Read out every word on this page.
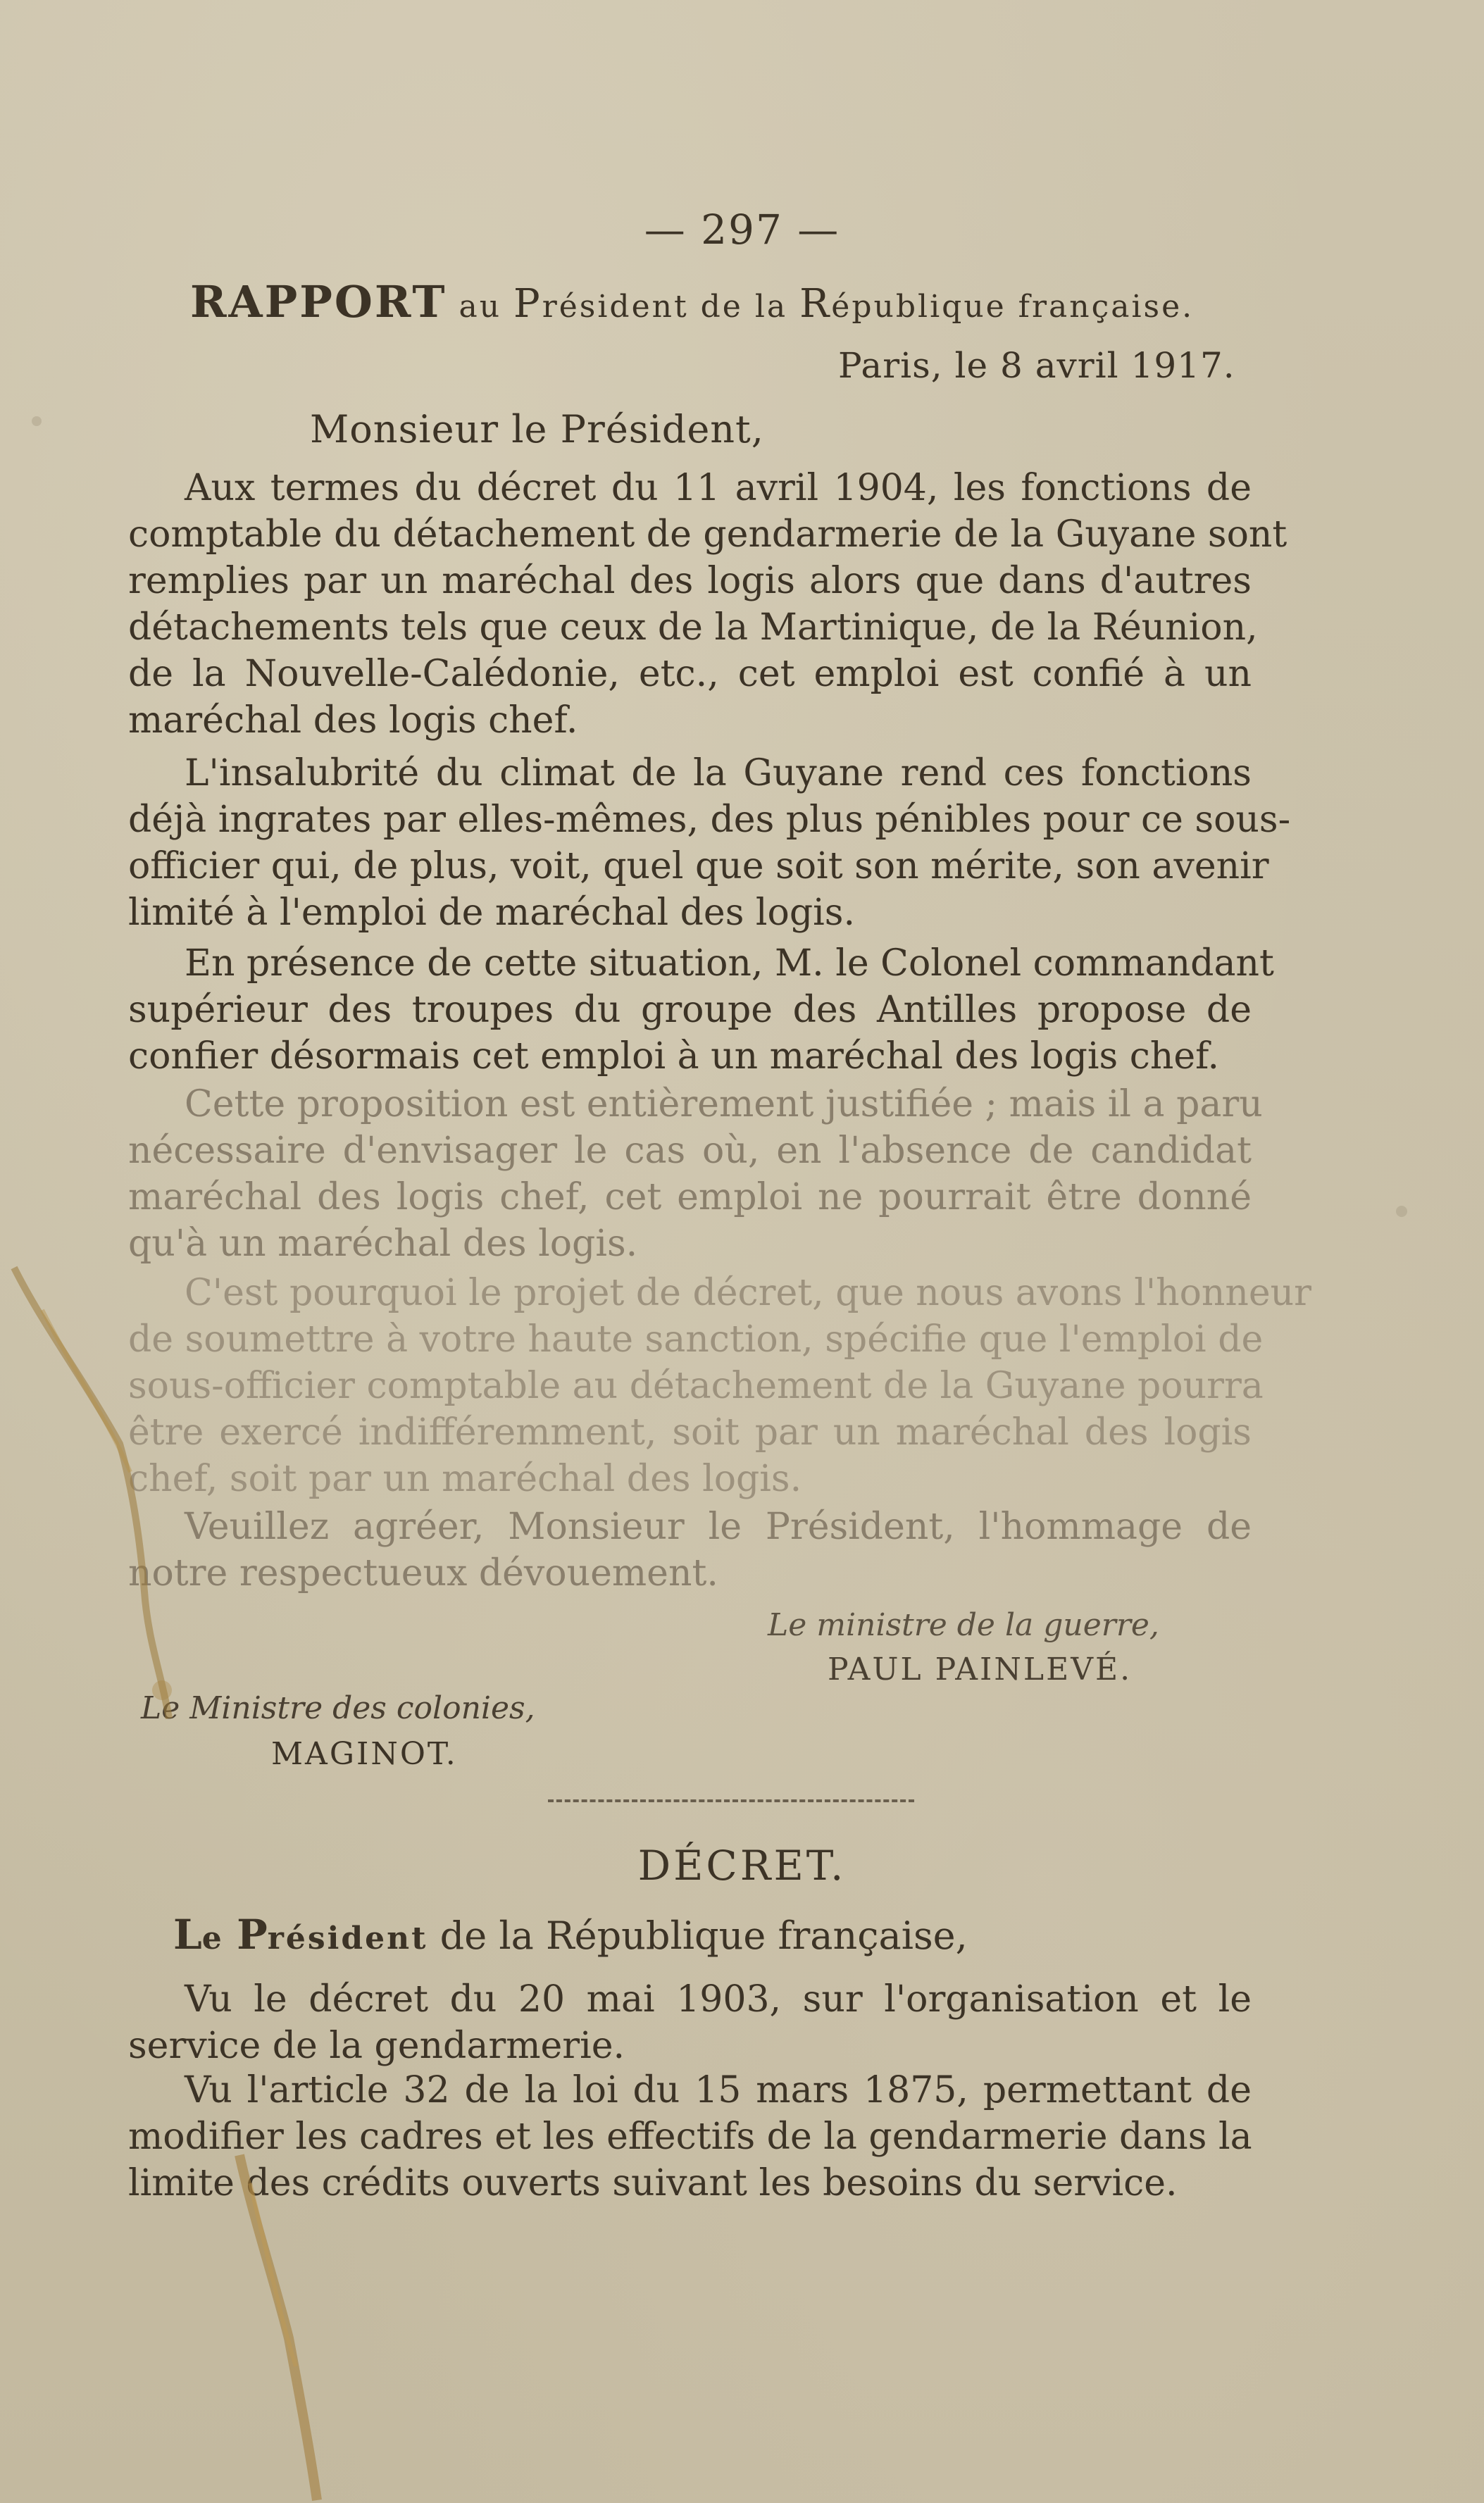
— 297 —
RAPPORT au Président de la République française.
Paris, le 8 avril 1917.
Monsieur le Président,
Aux termes du décret du 11 avril 1904, les fonctions de
comptable du détachement de gendarmerie de la Guyane sont
remplies par un maréchal des logis alors que dans d'autres
détachements tels que ceux de la Martinique, de la Réunion,
de la Nouvelle-Calédonie, etc., cet emploi est confié à un
maréchal des logis chef.
L'insalubrité du climat de la Guyane rend ces fonctions
déjà ingrates par elles-mêmes, des plus pénibles pour ce sous-
officier qui, de plus, voit, quel que soit son mérite, son avenir
limité à l'emploi de maréchal des logis.
En présence de cette situation, M. le Colonel commandant
supérieur des troupes du groupe des Antilles propose de
confier désormais cet emploi à un maréchal des logis chef.
Cette proposition est entièrement justifiée ; mais il a paru
nécessaire d'envisager le cas où, en l'absence de candidat
maréchal des logis chef, cet emploi ne pourrait être donné
qu'à un maréchal des logis.
C'est pourquoi le projet de décret, que nous avons l'honneur
de soumettre à votre haute sanction, spécifie que l'emploi de
sous-officier comptable au détachement de la Guyane pourra
être exercé indifféremment, soit par un maréchal des logis
chef, soit par un maréchal des logis.
Veuillez agréer, Monsieur le Président, l'hommage de
notre respectueux dévouement.
Le ministre de la guerre,
PAUL PAINLEVÉ.
Le Ministre des colonies,
MAGINOT.
DÉCRET.
Le Président de la République française,
Vu le décret du 20 mai 1903, sur l'organisation et le
service de la gendarmerie.
Vu l'article 32 de la loi du 15 mars 1875, permettant de
modifier les cadres et les effectifs de la gendarmerie dans la
limite des crédits ouverts suivant les besoins du service.
